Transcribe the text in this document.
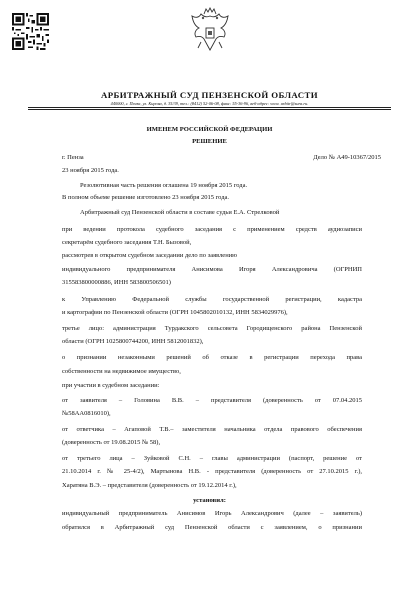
АРБИТРАЖНЫЙ СУД ПЕНЗЕНСКОЙ ОБЛАСТИ
440000, г. Пенза, ул. Кирова, д. 35/39, тел.: (8412) 52-06-08, факс: 55-36-96, веб-адрес: www. arbitr@sura.ru.
ИМЕНЕМ РОССИЙСКОЙ ФЕДЕРАЦИИ
РЕШЕНИЕ
г. Пенза	Дело № А49-10367/2015
23 ноября 2015 года.
Резолютивная часть решения оглашена 19 ноября 2015 года.
В полном объеме решение изготовлено 23 ноября 2015 года.
Арбитражный суд Пензенской области в составе судьи Е.А. Стрелковой
при ведении протокола судебного заседания с применением средств аудиозаписи
секретарём судебного заседания Т.Н. Бызовой,
рассмотрев в открытом судебном заседании дело по заявлению
индивидуального предпринимателя Анисимова Игоря Александровича (ОГРНИП
315583800000886, ИНН 583800506501)
к Управлению Федеральной службы государственной регистрации, кадастра
и картографии по Пензенской области (ОГРН 1045802010132, ИНН 5834029976),
третье лицо: администрация Турдакского сельсовета Городищенского района Пензенской
области (ОГРН 1025800744200, ИНН 5812001832),
о признании незаконными решений об отказе в регистрации перехода права
собственности на недвижимое имущество,
при участии в судебном заседании:
от заявителя – Головина В.В. – представителя (доверенность от 07.04.2015
№58АА0816010),
от ответчика – Агаповой Т.В.– заместителя начальника отдела правового обеспечения
(доверенность от 19.08.2015 № 58),
от третьего лица – Зуйковой С.Н. – главы администрации (паспорт, решение от
21.10.2014 г. № 25-4/2), Мартыновa Н.В. - представителя (доверенность от 27.10.2015 г.),
Харатяна В.Э. – представителя (доверенность от 19.12.2014 г.),
установил:
индивидуальный предприниматель Анисимов Игорь Александрович (далее – заявитель)
обратился в Арбитражный суд Пензенской области с заявлением, о признании
